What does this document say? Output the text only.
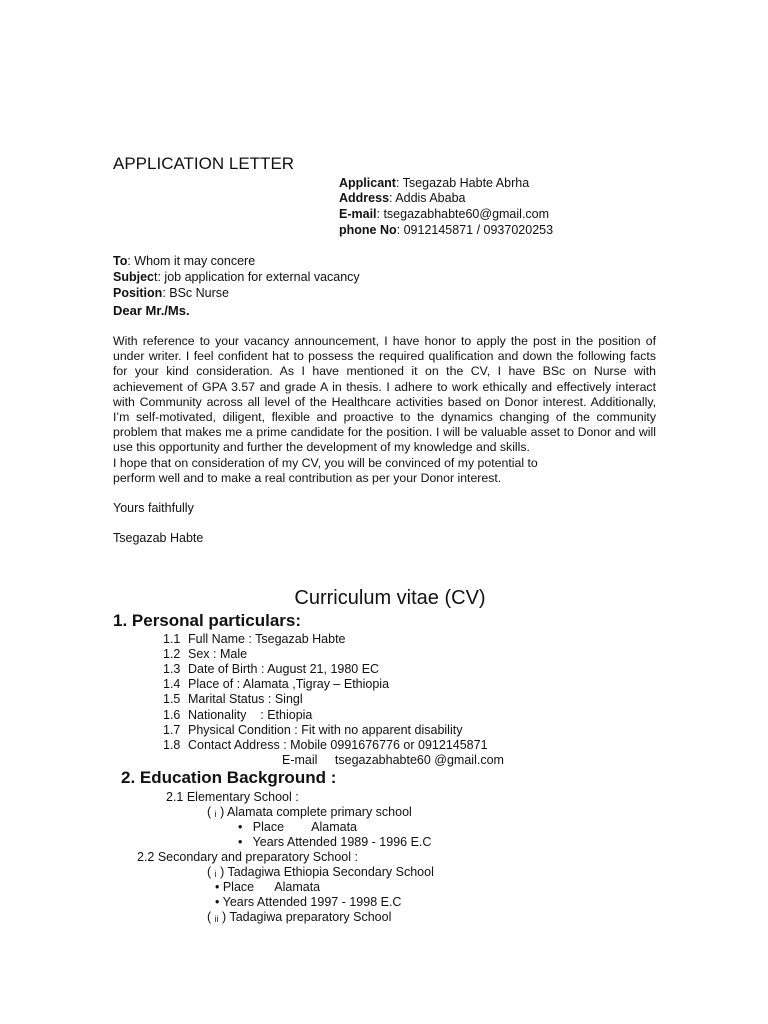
APPLICATION LETTER
Applicant: Tsegazab Habte Abrha
Address: Addis Ababa
E-mail: tsegazabhabte60@gmail.com
phone No: 0912145871 / 0937020253
To: Whom it may concere
Subject: job application for external vacancy
Position: BSc Nurse
Dear Mr./Ms.
With reference to your vacancy announcement, I have honor to apply the post in the position of under writer. I feel confident hat to possess the required qualification and down the following facts for your kind consideration. As I have mentioned it on the CV, I have BSc on Nurse with achievement of GPA 3.57 and grade A in thesis. I adhere to work ethically and effectively interact with Community across all level of the Healthcare activities based on Donor interest. Additionally, I’m self-motivated, diligent, flexible and proactive to the dynamics changing of the community problem that makes me a prime candidate for the position. I will be valuable asset to Donor and will use this opportunity and further the development of my knowledge and skills.
I hope that on consideration of my CV, you will be convinced of my potential to
perform well and to make a real contribution as per your Donor interest.
Yours faithfully
Tsegazab Habte
Curriculum vitae (CV)
1. Personal particulars:
1.1 Full Name : Tsegazab Habte
1.2 Sex : Male
1.3 Date of Birth : August 21, 1980 EC
1.4 Place of : Alamata ,Tigray – Ethiopia
1.5 Marital Status : Singl
1.6 Nationality    : Ethiopia
1.7 Physical Condition : Fit with no apparent disability
1.8 Contact Address : Mobile 0991676776 or 0912145871
E-mail tsegazabhabte60 @gmail.com
2. Education Background :
2.1 Elementary School :
( ᵢ ) Alamata complete primary school
•   Place        Alamata
•   Years Attended 1989 - 1996 E.C
2.2 Secondary and preparatory School :
( ᵢ ) Tadagiwa Ethiopia Secondary School
• Place      Alamata
• Years Attended 1997 - 1998 E.C
( ᵢᵢ ) Tadagiwa preparatory School
